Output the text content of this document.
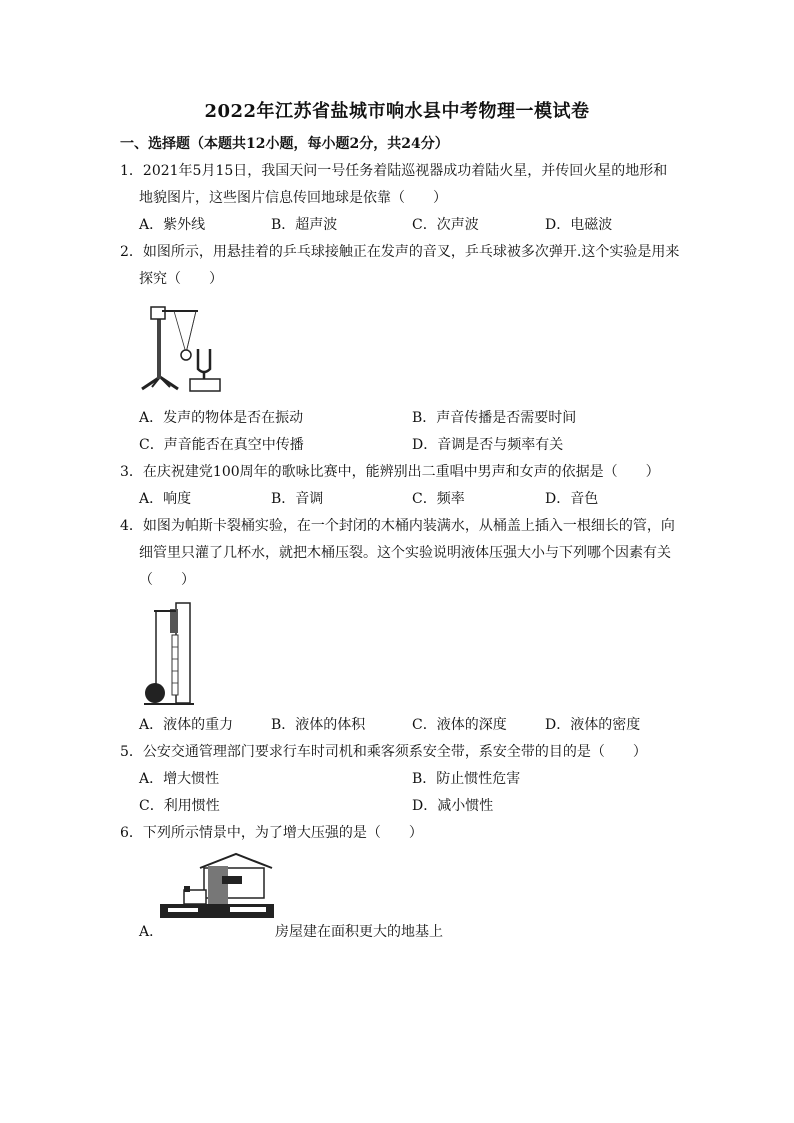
2022年江苏省盐城市响水县中考物理一模试卷
一、选择题（本题共12小题，每小题2分，共24分）
1．2021年5月15日，我国天问一号任务着陆巡视器成功着陆火星，并传回火星的地形和
地貌图片，这些图片信息传回地球是依靠（　　）
A．紫外线	B．超声波	C．次声波	D．电磁波
2．如图所示，用悬挂着的乒乓球接触正在发声的音叉，乒乓球被多次弹开.这个实验是用来
探究（　　）
A．发声的物体是否在振动	B．声音传播是否需要时间
C．声音能否在真空中传播	D．音调是否与频率有关
3．在庆祝建党100周年的歌咏比赛中，能辨别出二重唱中男声和女声的依据是（　　）
A．响度	B．音调	C．频率	D．音色
4．如图为帕斯卡裂桶实验，在一个封闭的木桶内装满水，从桶盖上插入一根细长的管，向
细管里只灌了几杯水，就把木桶压裂。这个实验说明液体压强大小与下列哪个因素有关
（　　）
A．液体的重力	B．液体的体积	C．液体的深度	D．液体的密度
5．公安交通管理部门要求行车时司机和乘客须系安全带，系安全带的目的是（　　）
A．增大惯性	B．防止惯性危害
C．利用惯性	D．减小惯性
6．下列所示情景中，为了增大压强的是（　　）
A．	房屋建在面积更大的地基上
